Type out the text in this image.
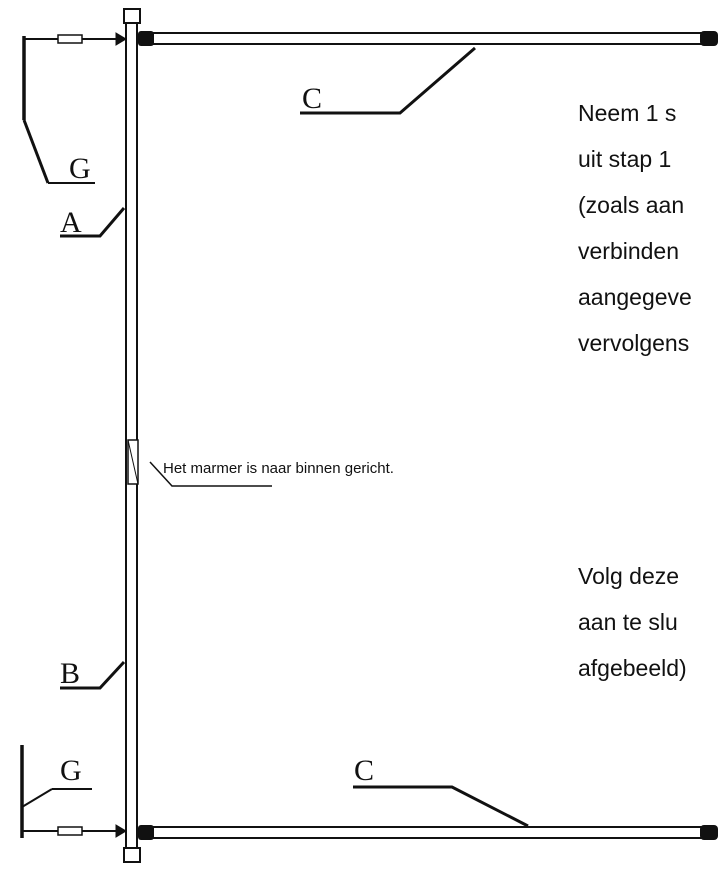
C
G
A
B
G	C
Het marmer is naar binnen gericht.
Neem 1 s
uit stap 1
(zoals aan
verbinden
aangegeve
vervolgens
Volg deze
aan te slu
afgebeeld)
